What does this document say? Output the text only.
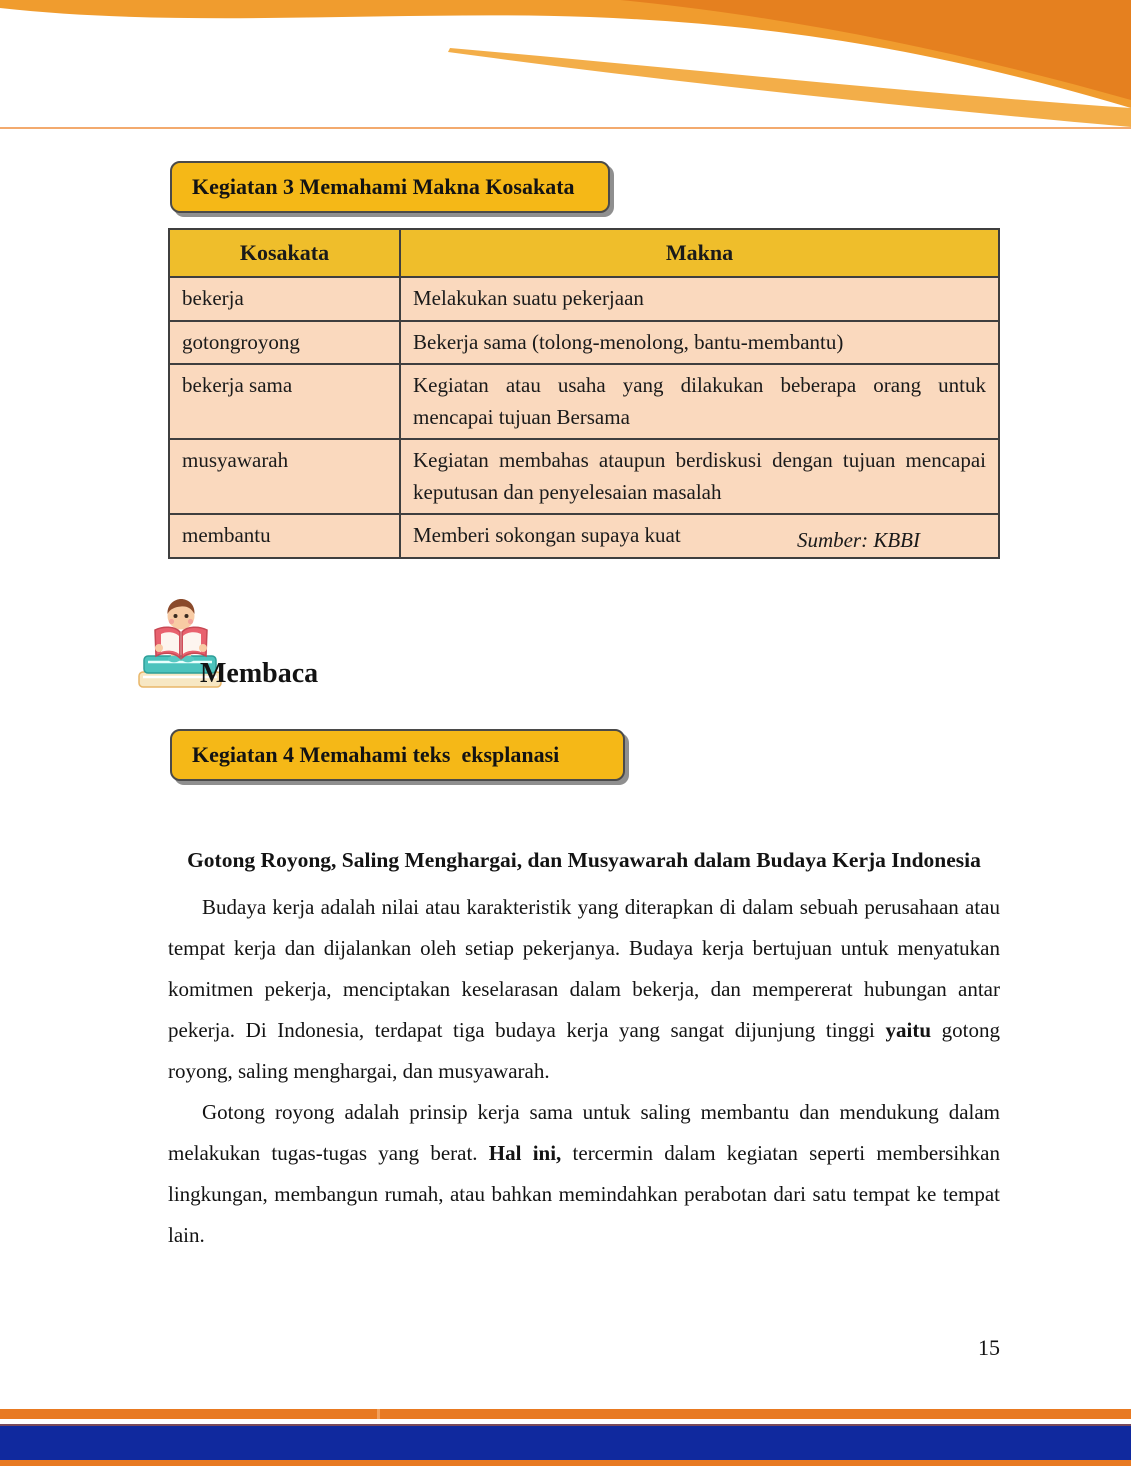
Kegiatan 3 Memahami Makna Kosakata
Kosakata	Makna
bekerja	Melakukan suatu pekerjaan
gotongroyong	Bekerja sama (tolong-menolong, bantu-membantu)
bekerja sama	Kegiatan atau usaha yang dilakukan beberapa orang untuk mencapai tujuan Bersama
musyawarah	Kegiatan membahas ataupun berdiskusi dengan tujuan mencapai keputusan dan penyelesaian masalah
membantu	Memberi sokongan supaya kuat	Sumber: KBBI
Membaca
Kegiatan 4 Memahami teks  eksplanasi
Gotong Royong, Saling Menghargai, dan Musyawarah dalam Budaya Kerja Indonesia

Budaya kerja adalah nilai atau karakteristik yang diterapkan di dalam sebuah perusahaan atau tempat kerja dan dijalankan oleh setiap pekerjanya. Budaya kerja bertujuan untuk menyatukan komitmen pekerja, menciptakan keselarasan dalam bekerja, dan mempererat hubungan antar pekerja. Di Indonesia, terdapat tiga budaya kerja yang sangat dijunjung tinggi yaitu gotong royong, saling menghargai, dan musyawarah.

Gotong royong adalah prinsip kerja sama untuk saling membantu dan mendukung dalam melakukan tugas-tugas yang berat. Hal ini, tercermin dalam kegiatan seperti membersihkan lingkungan, membangun rumah, atau bahkan memindahkan perabotan dari satu tempat ke tempat lain.

15
